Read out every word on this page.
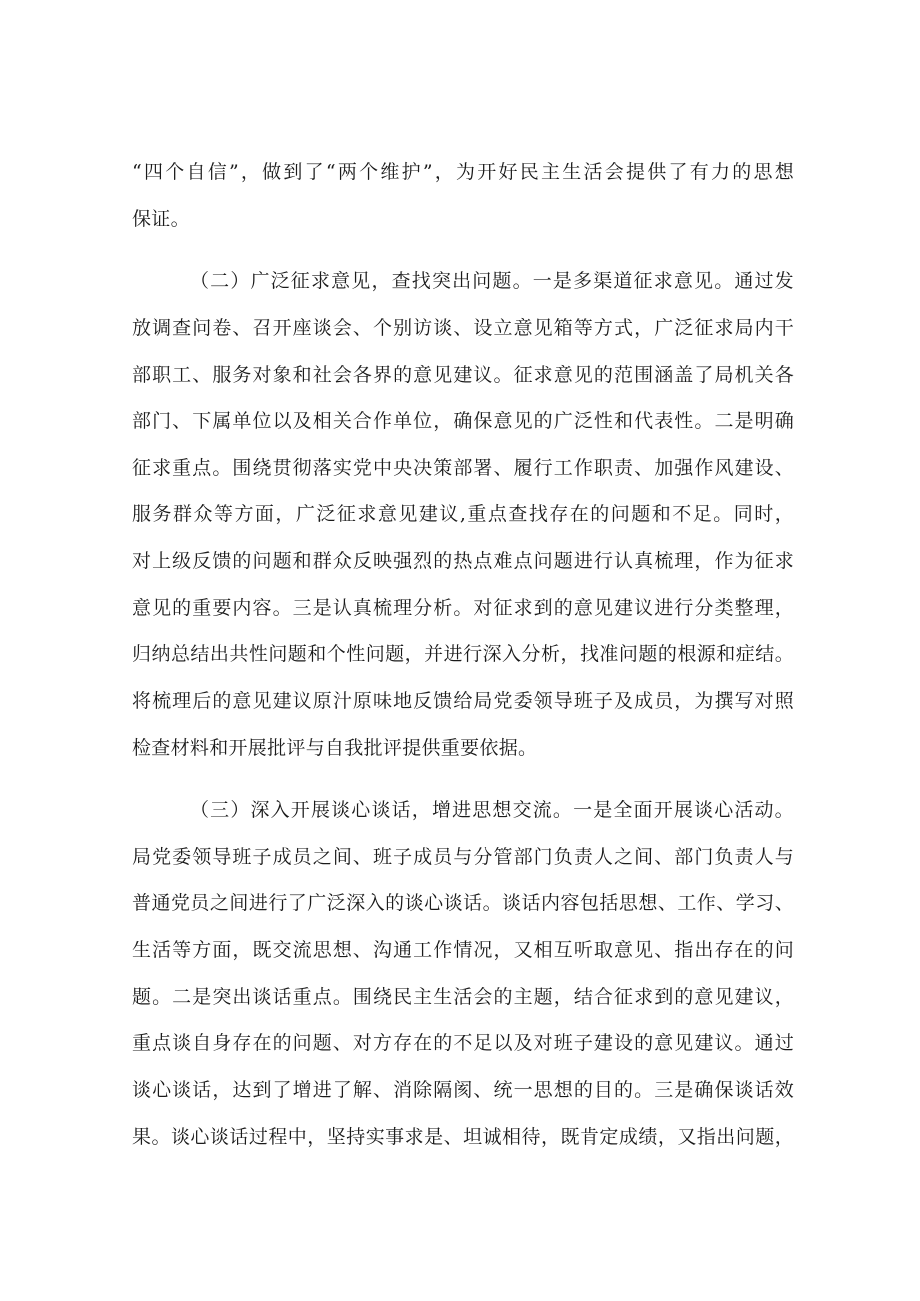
“四个自信”，做到了“两个维护”，为开好民主生活会提供了有力的思想
保证。
（二）广泛征求意见，查找突出问题。一是多渠道征求意见。通过发
放调查问卷、召开座谈会、个别访谈、设立意见箱等方式，广泛征求局内干
部职工、服务对象和社会各界的意见建议。征求意见的范围涵盖了局机关各
部门、下属单位以及相关合作单位，确保意见的广泛性和代表性。二是明确
征求重点。围绕贯彻落实党中央决策部署、履行工作职责、加强作风建设、
服务群众等方面，广泛征求意见建议,重点查找存在的问题和不足。同时，
对上级反馈的问题和群众反映强烈的热点难点问题进行认真梳理，作为征求
意见的重要内容。三是认真梳理分析。对征求到的意见建议进行分类整理，
归纳总结出共性问题和个性问题，并进行深入分析，找准问题的根源和症结。
将梳理后的意见建议原汁原味地反馈给局党委领导班子及成员，为撰写对照
检查材料和开展批评与自我批评提供重要依据。
（三）深入开展谈心谈话，增进思想交流。一是全面开展谈心活动。
局党委领导班子成员之间、班子成员与分管部门负责人之间、部门负责人与
普通党员之间进行了广泛深入的谈心谈话。谈话内容包括思想、工作、学习、
生活等方面，既交流思想、沟通工作情况，又相互听取意见、指出存在的问
题。二是突出谈话重点。围绕民主生活会的主题，结合征求到的意见建议，
重点谈自身存在的问题、对方存在的不足以及对班子建设的意见建议。通过
谈心谈话，达到了增进了解、消除隔阂、统一思想的目的。三是确保谈话效
果。谈心谈话过程中，坚持实事求是、坦诚相待，既肯定成绩，又指出问题，
